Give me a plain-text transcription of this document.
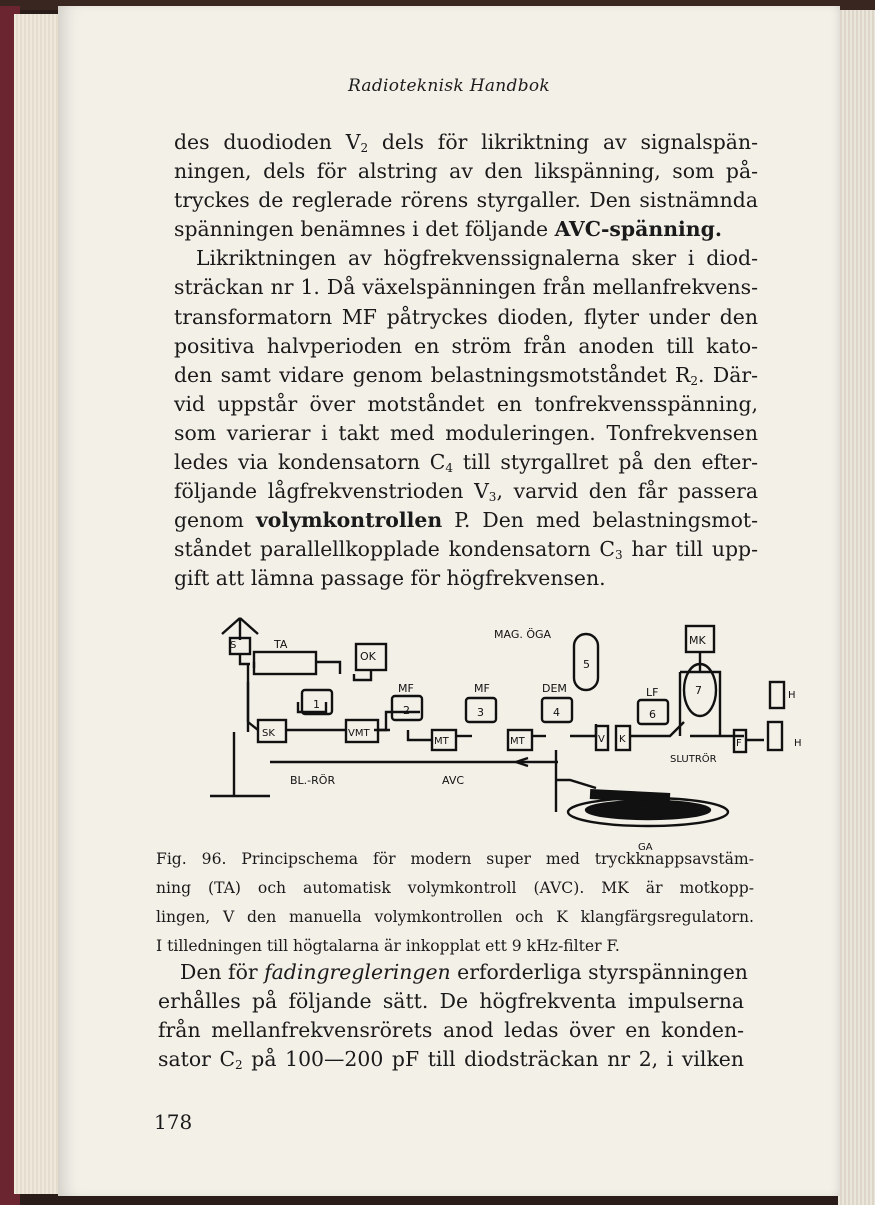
Radioteknisk Handbok
des duodioden $V_2$ dels för likriktning av signalspän-
ningen, dels för alstring av den likspänning, som på-
tryckes de reglerade rörens styrgaller. Den sistnämnda
spänningen benämnes i det följande AVC-spänning.
Likriktningen av högfrekvenssignalerna sker i diod-
sträckan nr 1. Då växelspänningen från mellanfrekvens-
transformatorn MF påtryckes dioden, flyter under den
positiva halvperioden en ström från anoden till kato-
den samt vidare genom belastningsmotståndet $R_2$. Där-
vid uppstår över motståndet en tonfrekvensspänning,
som varierar i takt med moduleringen. Tonfrekvensen
ledes via kondensatorn $C_4$ till styrgallret på den efter-
följande lågfrekvenstrioden $V_3$, varvid den får passera
genom volymkontrollen P. Den med belastningsmot-
ståndet parallellkopplade kondensatorn $C_3$ har till upp-
gift att lämna passage för högfrekvensen.
S	TA
OK
MAG. ÖGA
5
MK
MF	MF	DEM	LF	7	H
H
1	2	3	4	6
SK	VMT
MT	MT	V K	F
SLUTRÖR
BL.-RÖR	AVC
GA
Fig. 96. Principschema för modern super med tryckknappsavstäm-
ning (TA) och automatisk volymkontroll (AVC). MK är motkopp-
lingen, V den manuella volymkontrollen och K klangfärgsregulatorn.
I tilledningen till högtalarna är inkopplat ett 9 kHz-filter F.
Den för fadingregleringen erforderliga styrspänningen
erhålles på följande sätt. De högfrekventa impulserna
från mellanfrekvensrörets anod ledas över en konden-
sator $C_2$ på 100—200 pF till diodsträckan nr 2, i vilken
178
